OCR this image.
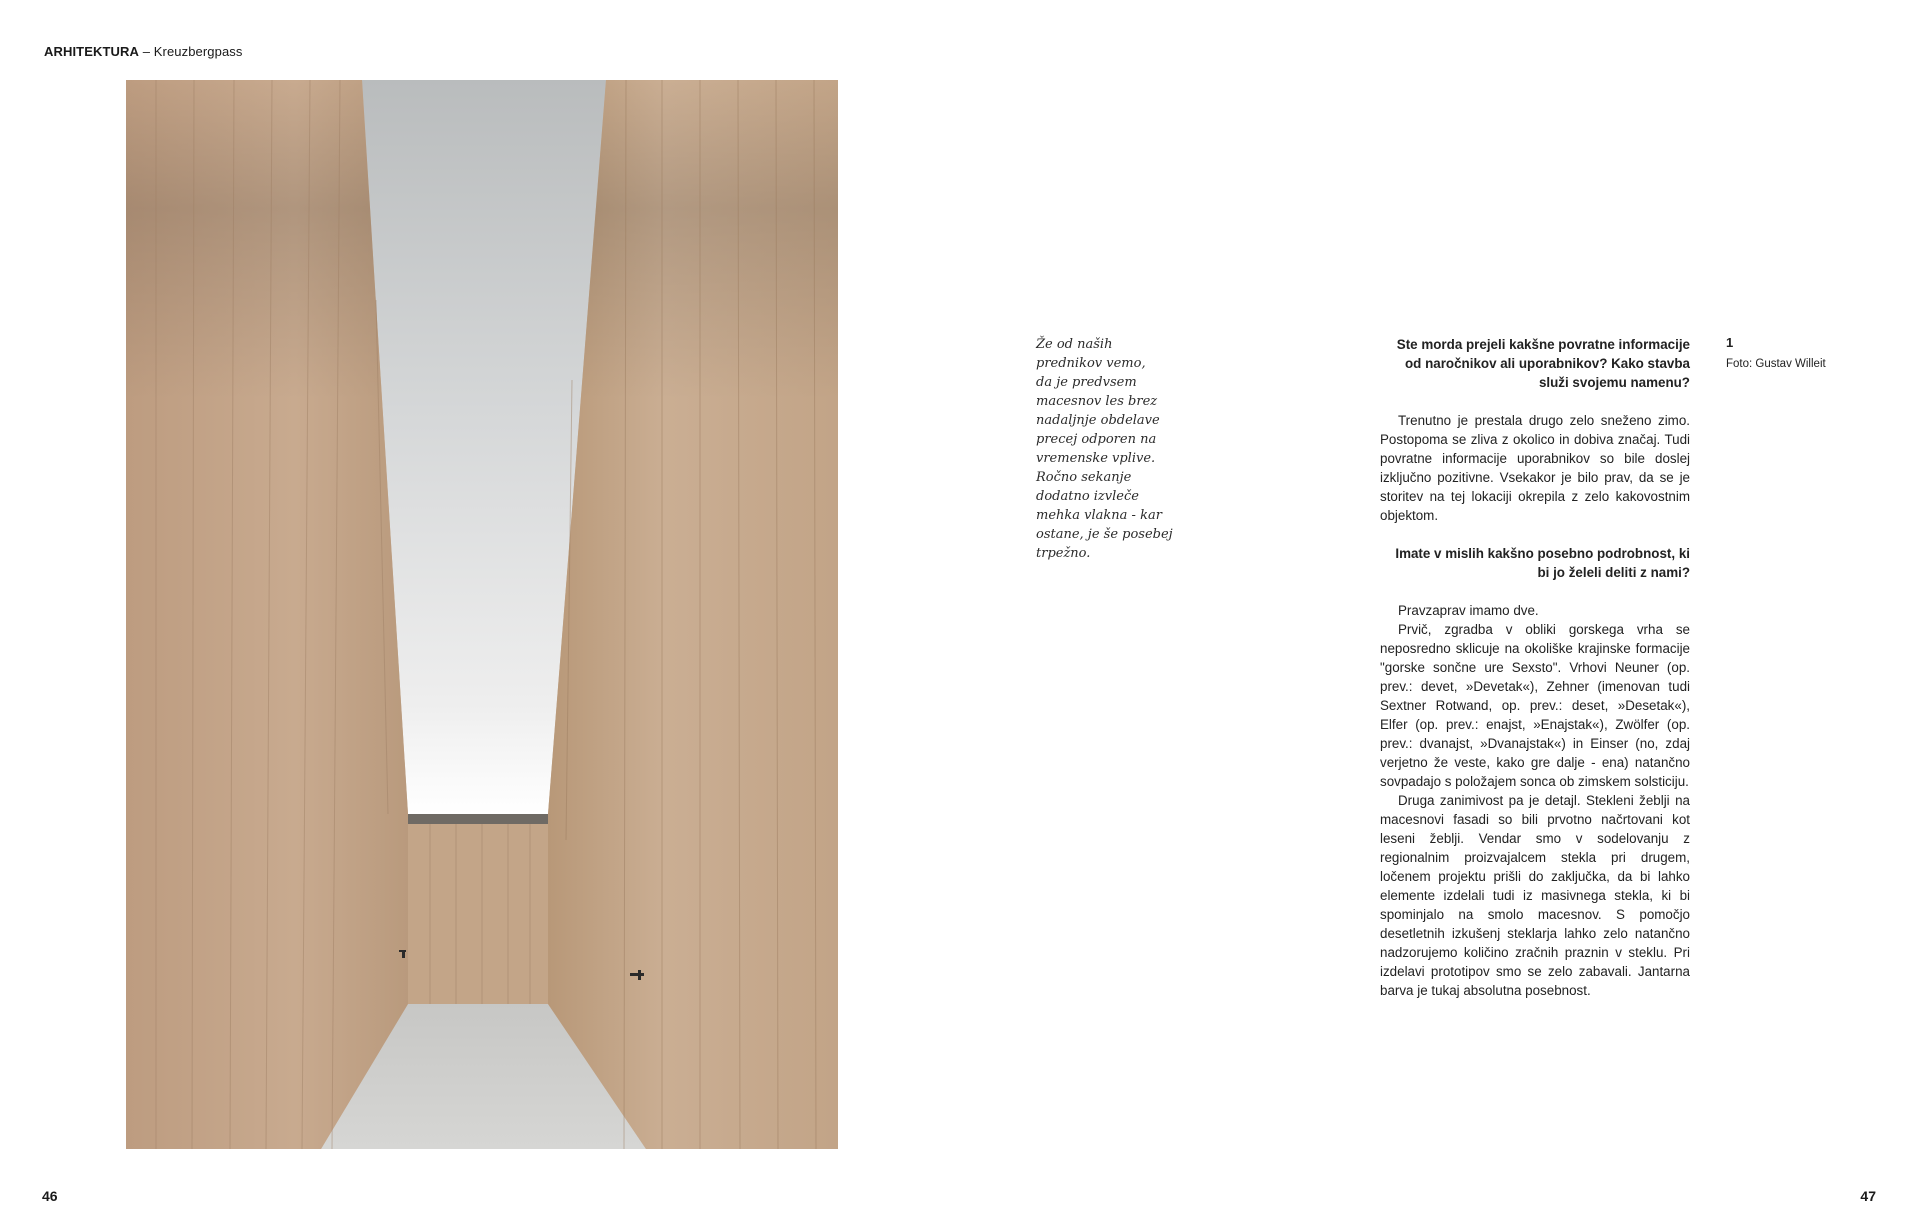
ARHITEKTURA – Kreuzbergpass
46	47

Že od naših

prednikov vemo,

da je predvsem

macesnov les brez

nadaljnje obdelave

precej odporen na

vremenske vplive.

Ročno sekanje

dodatno izvleče

mehka vlakna - kar

ostane, je še posebej

trpežno.

Ste morda prejeli kakšne povratne informacije od naročnikov ali uporabnikov? Kako stavba služi svojemu namenu?

Trenutno je prestala drugo zelo sneženo zimo. Postopoma se zliva z okolico in dobiva značaj. Tudi povratne informacije uporabnikov so bile doslej izključno pozitivne. Vsekakor je bilo prav, da se je storitev na tej lokaciji okrepila z zelo kakovostnim objektom.

Imate v mislih kakšno posebno podrobnost, ki bi jo želeli deliti z nami?

Pravzaprav imamo dve.

Prvič, zgradba v obliki gorskega vrha se neposredno sklicuje na okoliške krajinske formacije "gorske sončne ure Sexsto". Vrhovi Neuner (op. prev.: devet, »Devetak«), Zehner (imenovan tudi Sextner Rotwand, op. prev.: deset, »Desetak«), Elfer (op. prev.: enajst, »Enajstak«), Zwölfer (op. prev.: dvanajst, »Dvanajstak«) in Einser (no, zdaj verjetno že veste, kako gre dalje - ena) natančno sovpadajo s položajem sonca ob zimskem solsticiju.

Druga zanimivost pa je detajl. Stekleni žeblji na macesnovi fasadi so bili prvotno načrtovani kot leseni žeblji. Vendar smo v sodelovanju z regionalnim proizvajalcem stekla pri drugem, ločenem projektu prišli do zaključka, da bi lahko elemente izdelali tudi iz masivnega stekla, ki bi spominjalo na smolo macesnov. S pomočjo desetletnih izkušenj steklarja lahko zelo natančno nadzorujemo količino zračnih praznin v steklu. Pri izdelavi prototipov smo se zelo zabavali. Jantarna barva je tukaj absolutna posebnost.

1
Foto: Gustav Willeit
